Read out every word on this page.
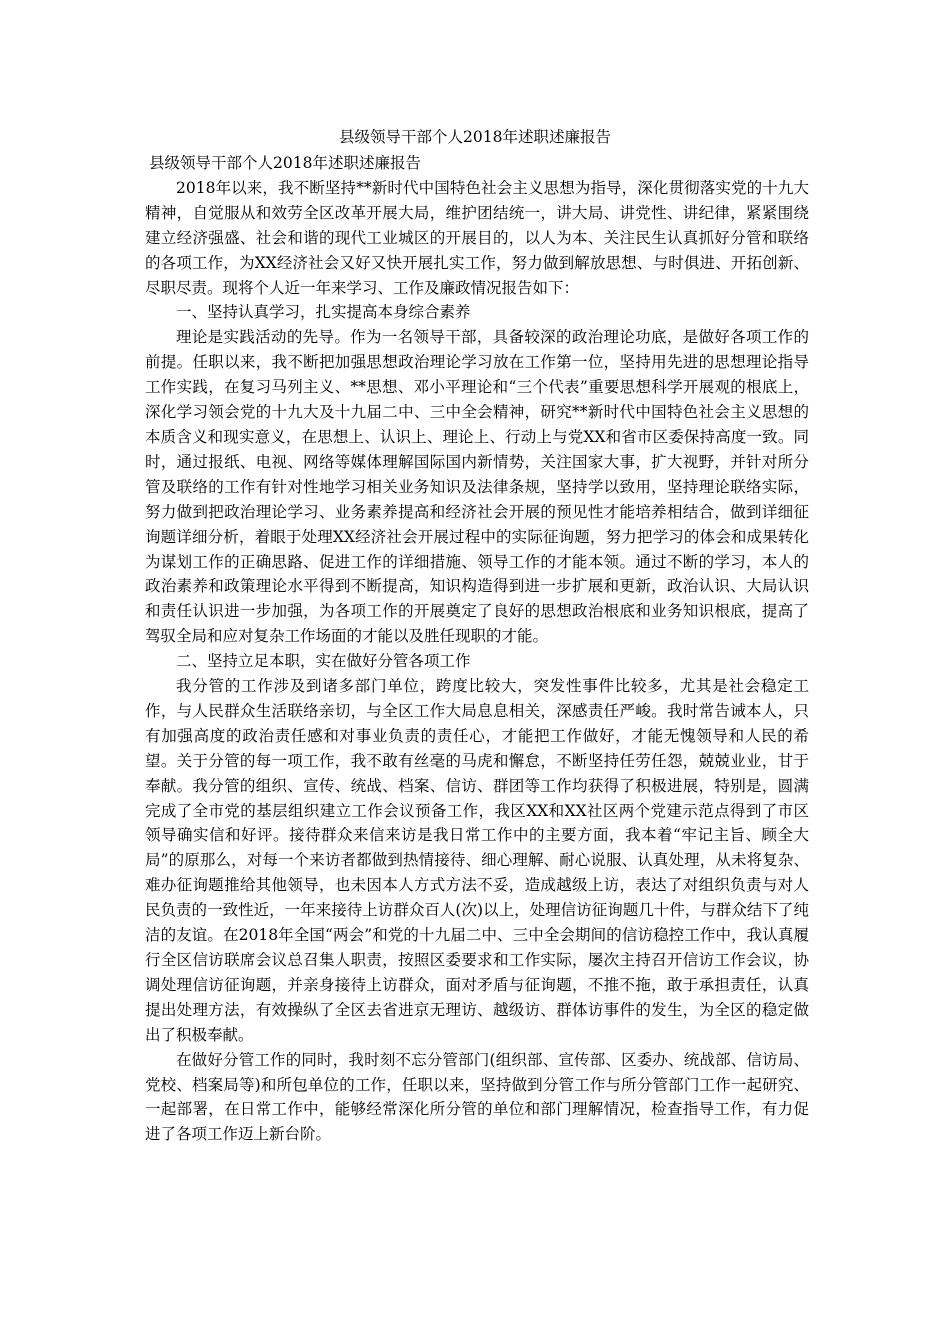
县级领导干部个人2018年述职述廉报告

县级领导干部个人2018年述职述廉报告

2018年以来，我不断坚持**新时代中国特色社会主义思想为指导，深化贯彻落实党的十九大精神，自觉服从和效劳全区改革开展大局，维护团结统一，讲大局、讲党性、讲纪律，紧紧围绕建立经济强盛、社会和谐的现代工业城区的开展目的，以人为本、关注民生认真抓好分管和联络的各项工作，为XX经济社会又好又快开展扎实工作，努力做到解放思想、与时俱进、开拓创新、尽职尽责。现将个人近一年来学习、工作及廉政情况报告如下：

一、坚持认真学习，扎实提高本身综合素养

理论是实践活动的先导。作为一名领导干部，具备较深的政治理论功底，是做好各项工作的前提。任职以来，我不断把加强思想政治理论学习放在工作第一位，坚持用先进的思想理论指导工作实践，在复习马列主义、**思想、邓小平理论和“三个代表”重要思想科学开展观的根底上，深化学习领会党的十九大及十九届二中、三中全会精神，研究**新时代中国特色社会主义思想的本质含义和现实意义，在思想上、认识上、理论上、行动上与党XX和省市区委保持高度一致。同时，通过报纸、电视、网络等媒体理解国际国内新情势，关注国家大事，扩大视野，并针对所分管及联络的工作有针对性地学习相关业务知识及法律条规，坚持学以致用，坚持理论联络实际，努力做到把政治理论学习、业务素养提高和经济社会开展的预见性才能培养相结合，做到详细征询题详细分析，着眼于处理XX经济社会开展过程中的实际征询题，努力把学习的体会和成果转化为谋划工作的正确思路、促进工作的详细措施、领导工作的才能本领。通过不断的学习，本人的政治素养和政策理论水平得到不断提高，知识构造得到进一步扩展和更新，政治认识、大局认识和责任认识进一步加强，为各项工作的开展奠定了良好的思想政治根底和业务知识根底，提高了驾驭全局和应对复杂工作场面的才能以及胜任现职的才能。

二、坚持立足本职，实在做好分管各项工作

我分管的工作涉及到诸多部门单位，跨度比较大，突发性事件比较多，尤其是社会稳定工作，与人民群众生活联络亲切，与全区工作大局息息相关，深感责任严峻。我时常告诫本人，只有加强高度的政治责任感和对事业负责的责任心，才能把工作做好，才能无愧领导和人民的希望。关于分管的每一项工作，我不敢有丝毫的马虎和懈怠，不断坚持任劳任怨，兢兢业业，甘于奉献。我分管的组织、宣传、统战、档案、信访、群团等工作均获得了积极进展，特别是，圆满完成了全市党的基层组织建立工作会议预备工作，我区XX和XX社区两个党建示范点得到了市区领导确实信和好评。接待群众来信来访是我日常工作中的主要方面，我本着“牢记主旨、顾全大局”的原那么，对每一个来访者都做到热情接待、细心理解、耐心说服、认真处理，从未将复杂、难办征询题推给其他领导，也未因本人方式方法不妥，造成越级上访，表达了对组织负责与对人民负责的一致性近，一年来接待上访群众百人(次)以上，处理信访征询题几十件，与群众结下了纯洁的友谊。在2018年全国“两会”和党的十九届二中、三中全会期间的信访稳控工作中，我认真履行全区信访联席会议总召集人职责，按照区委要求和工作实际，屡次主持召开信访工作会议，协调处理信访征询题，并亲身接待上访群众，面对矛盾与征询题，不推不拖，敢于承担责任，认真提出处理方法，有效操纵了全区去省进京无理访、越级访、群体访事件的发生，为全区的稳定做出了积极奉献。

在做好分管工作的同时，我时刻不忘分管部门(组织部、宣传部、区委办、统战部、信访局、党校、档案局等)和所包单位的工作，任职以来，坚持做到分管工作与所分管部门工作一起研究、一起部署，在日常工作中，能够经常深化所分管的单位和部门理解情况，检查指导工作，有力促进了各项工作迈上新台阶。
